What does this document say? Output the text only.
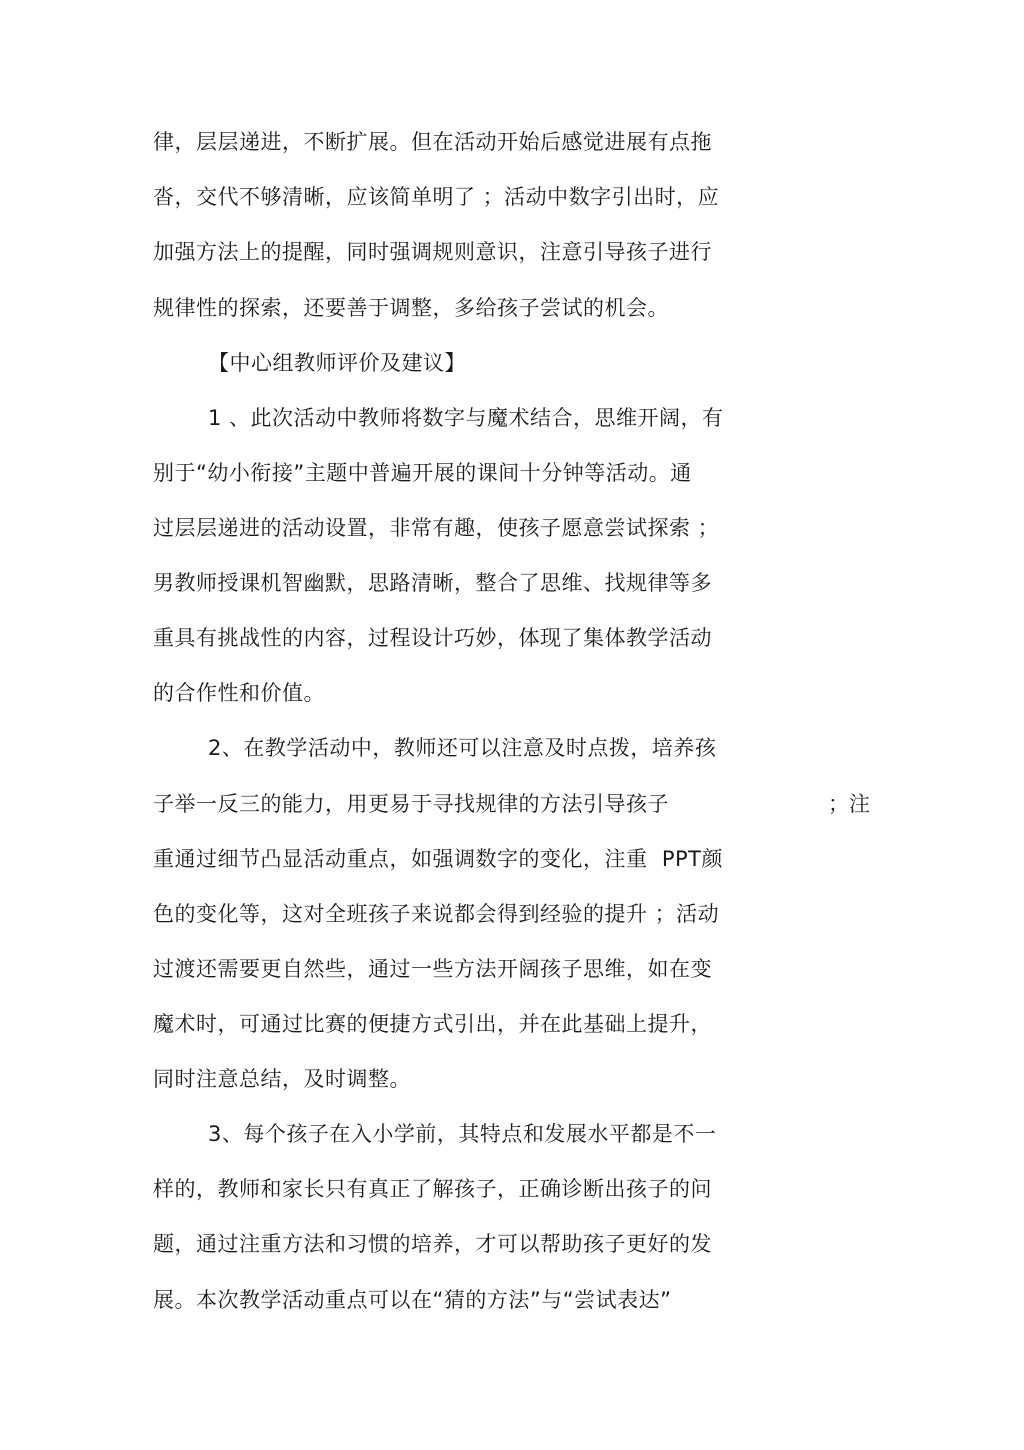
律，层层递进，不断扩展。但在活动开始后感觉进展有点拖
沓，交代不够清晰，应该简单明了 ；活动中数字引出时，应
加强方法上的提醒，同时强调规则意识，注意引导孩子进行
规律性的探索，还要善于调整，多给孩子尝试的机会。
【中心组教师评价及建议】
1 、此次活动中教师将数字与魔术结合，思维开阔，有
别于“幼小衔接”主题中普遍开展的课间十分钟等活动。通
过层层递进的活动设置，非常有趣，使孩子愿意尝试探索 ；
男教师授课机智幽默，思路清晰，整合了思维、找规律等多
重具有挑战性的内容，过程设计巧妙，体现了集体教学活动
的合作性和价值。
2、在教学活动中，教师还可以注意及时点拨，培养孩
子举一反三的能力，用更易于寻找规律的方法引导孩子	；注
重通过细节凸显活动重点，如强调数字的变化，注重  PPT颜
色的变化等，这对全班孩子来说都会得到经验的提升 ；活动
过渡还需要更自然些，通过一些方法开阔孩子思维，如在变
魔术时，可通过比赛的便捷方式引出，并在此基础上提升，
同时注意总结，及时调整。
3、每个孩子在入小学前，其特点和发展水平都是不一
样的，教师和家长只有真正了解孩子，正确诊断出孩子的问
题，通过注重方法和习惯的培养，才可以帮助孩子更好的发
展。本次教学活动重点可以在“猜的方法”与“尝试表达”
